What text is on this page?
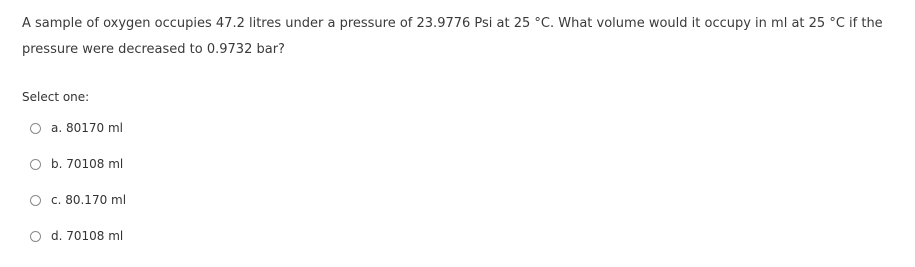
A sample of oxygen occupies 47.2 litres under a pressure of 23.9776 Psi at 25 °C. What volume would it occupy in ml at 25 °C if the pressure were decreased to 0.9732 bar?

Select one:
a. 80170 ml
b. 70108 ml
c. 80.170 ml
d. 70108 ml
